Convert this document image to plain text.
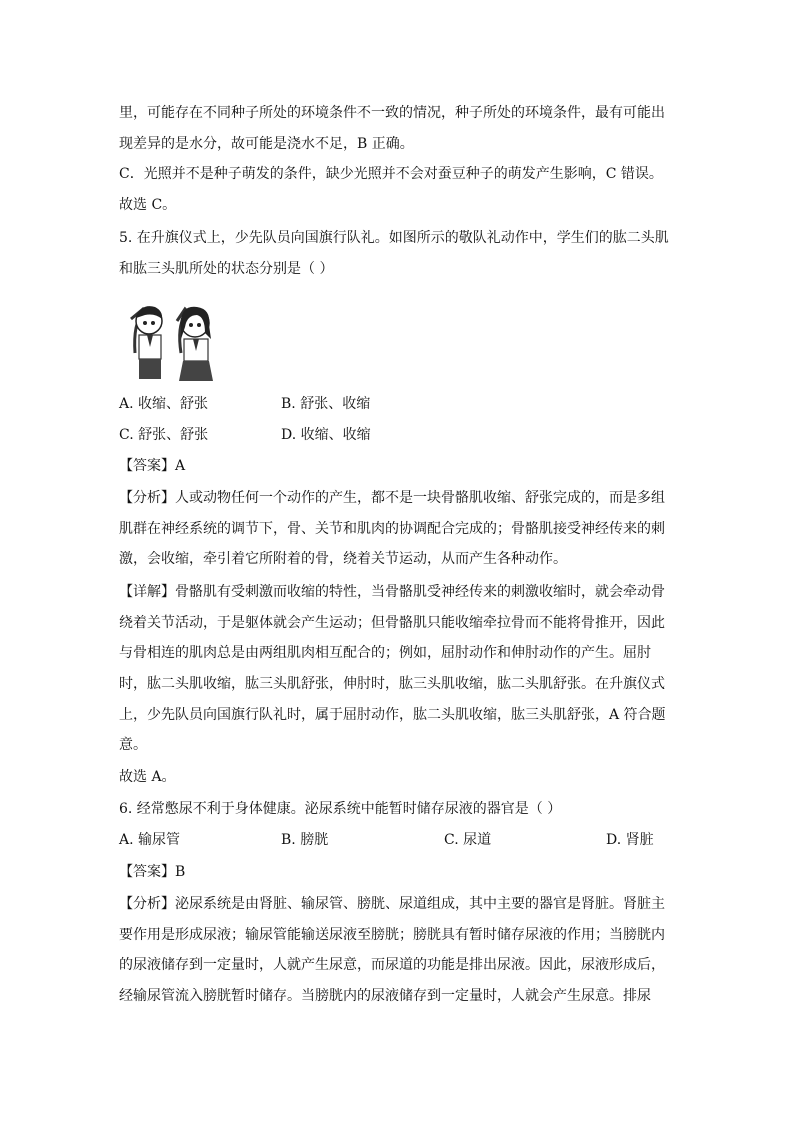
里，可能存在不同种子所处的环境条件不一致的情况，种子所处的环境条件，最有可能出
现差异的是水分，故可能是浇水不足，B 正确。
C．光照并不是种子萌发的条件，缺少光照并不会对蚕豆种子的萌发产生影响，C 错误。
故选 C。
5. 在升旗仪式上，少先队员向国旗行队礼。如图所示的敬队礼动作中，学生们的肱二头肌
和肱三头肌所处的状态分别是（ ）
A. 收缩、舒张	B. 舒张、收缩
C. 舒张、舒张	D. 收缩、收缩
【答案】A
【分析】人或动物任何一个动作的产生，都不是一块骨骼肌收缩、舒张完成的，而是多组
肌群在神经系统的调节下，骨、关节和肌肉的协调配合完成的；骨骼肌接受神经传来的刺
激，会收缩，牵引着它所附着的骨，绕着关节运动，从而产生各种动作。
【详解】骨骼肌有受刺激而收缩的特性，当骨骼肌受神经传来的刺激收缩时，就会牵动骨
绕着关节活动，于是躯体就会产生运动；但骨骼肌只能收缩牵拉骨而不能将骨推开，因此
与骨相连的肌肉总是由两组肌肉相互配合的；例如，屈肘动作和伸肘动作的产生。屈肘
时，肱二头肌收缩，肱三头肌舒张，伸肘时，肱三头肌收缩，肱二头肌舒张。在升旗仪式
上，少先队员向国旗行队礼时，属于屈肘动作，肱二头肌收缩，肱三头肌舒张，A 符合题
意。
故选 A。
6. 经常憋尿不利于身体健康。泌尿系统中能暂时储存尿液的器官是（ ）
A. 输尿管	B. 膀胱	C. 尿道	D. 肾脏
【答案】B
【分析】泌尿系统是由肾脏、输尿管、膀胱、尿道组成，其中主要的器官是肾脏。肾脏主
要作用是形成尿液；输尿管能输送尿液至膀胱；膀胱具有暂时储存尿液的作用；当膀胱内
的尿液储存到一定量时，人就产生尿意，而尿道的功能是排出尿液。因此，尿液形成后，
经输尿管流入膀胱暂时储存。当膀胱内的尿液储存到一定量时，人就会产生尿意。排尿
